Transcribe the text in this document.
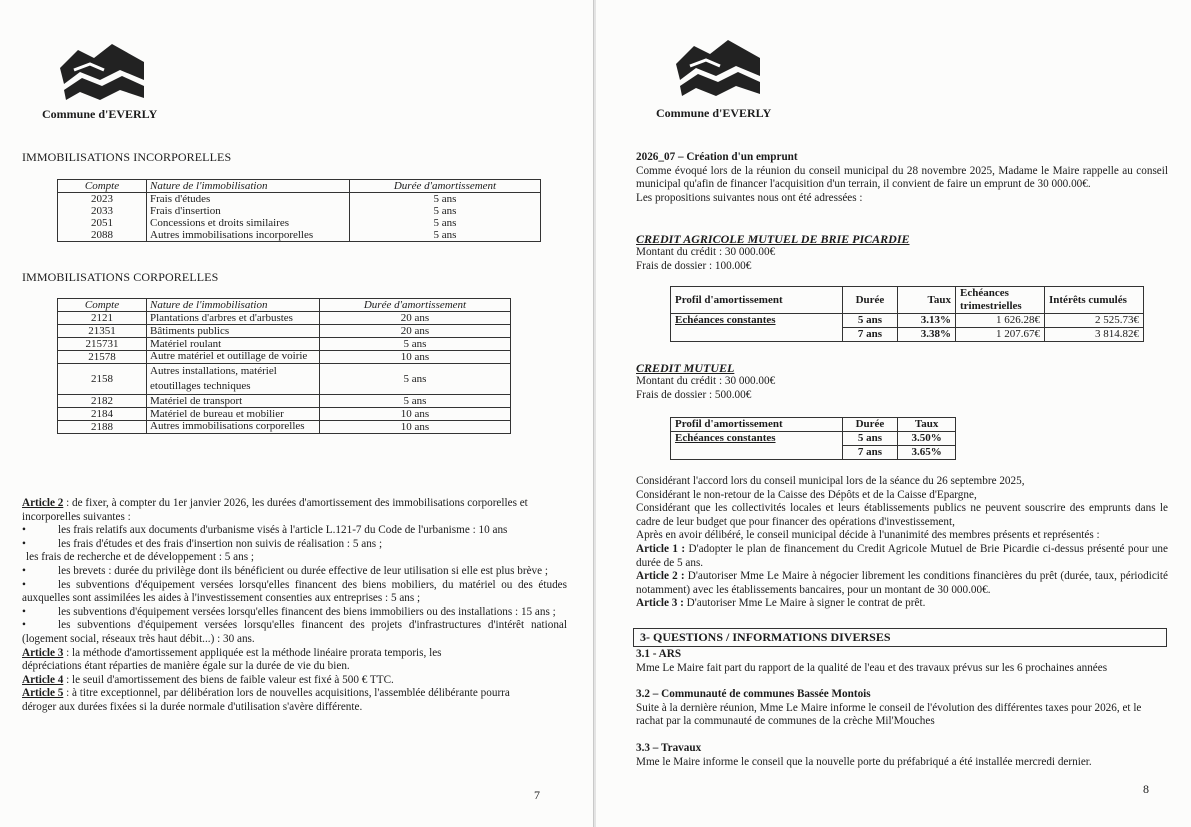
Commune d'EVERLY
IMMOBILISATIONS INCORPORELLES
Compte	Nature de l'immobilisation	Durée d'amortissement
2023	Frais d'études	5 ans
2033	Frais d'insertion	5 ans
2051	Concessions et droits similaires	5 ans
2088	Autres immobilisations incorporelles	5 ans
IMMOBILISATIONS CORPORELLES
Compte	Nature de l'immobilisation	Durée d'amortissement
2121	Plantations d'arbres et d'arbustes	20 ans
21351	Bâtiments publics	20 ans
215731	Matériel roulant	5 ans
21578	Autre matériel et outillage de voirie	10 ans
2158	Autres installations, matériel etoutillages techniques	5 ans
2182	Matériel de transport	5 ans
2184	Matériel de bureau et mobilier	10 ans
2188	Autres immobilisations corporelles	10 ans

Article 2 : de fixer, à compter du 1er janvier 2026, les durées d'amortissement des immobilisations corporelles et incorporelles suivantes :

•	les frais relatifs aux documents d'urbanisme visés à l'article L.121-7 du Code de l'urbanisme : 10 ans

•	les frais d'études et des frais d'insertion non suivis de réalisation : 5 ans ;

les frais de recherche et de développement : 5 ans ;

•	les brevets : durée du privilège dont ils bénéficient ou durée effective de leur utilisation si elle est plus brève ;

•	les subventions d'équipement versées lorsqu'elles financent des biens mobiliers, du matériel ou des études auxquelles sont assimilées les aides à l'investissement consenties aux entreprises : 5 ans ;

•	les subventions d'équipement versées lorsqu'elles financent des biens immobiliers ou des installations : 15 ans ;

•	les subventions d'équipement versées lorsqu'elles financent des projets d'infrastructures d'intérêt national (logement social, réseaux très haut débit...) : 30 ans.

Article 3 : la méthode d'amortissement appliquée est la méthode linéaire prorata temporis, les dépréciations étant réparties de manière égale sur la durée de vie du bien.

Article 4 : le seuil d'amortissement des biens de faible valeur est fixé à 500 € TTC.

Article 5 : à titre exceptionnel, par délibération lors de nouvelles acquisitions, l'assemblée délibérante pourra déroger aux durées fixées si la durée normale d'utilisation s'avère différente.

7
Commune d'EVERLY

2026_07 – Création d'un emprunt

Comme évoqué lors de la réunion du conseil municipal du 28 novembre 2025, Madame le Maire rappelle au conseil municipal qu'afin de financer l'acquisition d'un terrain, il convient de faire un emprunt de 30 000.00€.

Les propositions suivantes nous ont été adressées :

CREDIT AGRICOLE MUTUEL DE BRIE PICARDIE

Montant du crédit : 30 000.00€

Frais de dossier : 100.00€

Profil d'amortissement	Durée	Taux	Echéances trimestrielles	Intérêts cumulés
Echéances constantes	5 ans	3.13%	1 626.28€	2 525.73€
	7 ans	3.38%	1 207.67€	3 814.82€
CREDIT MUTUEL

Montant du crédit : 30 000.00€

Frais de dossier : 500.00€

Profil d'amortissement	Durée	Taux
Echéances constantes	5 ans	3.50%
	7 ans	3.65%

Considérant l'accord lors du conseil municipal lors de la séance du 26 septembre 2025,

Considérant le non-retour de la Caisse des Dépôts et de la Caisse d'Epargne,

Considérant que les collectivités locales et leurs établissements publics ne peuvent souscrire des emprunts dans le cadre de leur budget que pour financer des opérations d'investissement,

Après en avoir délibéré, le conseil municipal décide à l'unanimité des membres présents et représentés :

Article 1 : D'adopter le plan de financement du Credit Agricole Mutuel de Brie Picardie ci-dessus présenté pour une durée de 5 ans.

Article 2 : D'autoriser Mme Le Maire à négocier librement les conditions financières du prêt (durée, taux, périodicité notamment) avec les établissements bancaires, pour un montant de 30 000.00€.

Article 3 : D'autoriser Mme Le Maire à signer le contrat de prêt.

3- QUESTIONS / INFORMATIONS DIVERSES

3.1 - ARS

Mme Le Maire fait part du rapport de la qualité de l'eau et des travaux prévus sur les 6 prochaines années

3.2 – Communauté de communes Bassée Montois

Suite à la dernière réunion, Mme Le Maire informe le conseil de l'évolution des différentes taxes pour 2026, et le rachat par la communauté de communes de la crèche Mil'Mouches

3.3 – Travaux

Mme le Maire informe le conseil que la nouvelle porte du préfabriqué a été installée mercredi dernier.

8
